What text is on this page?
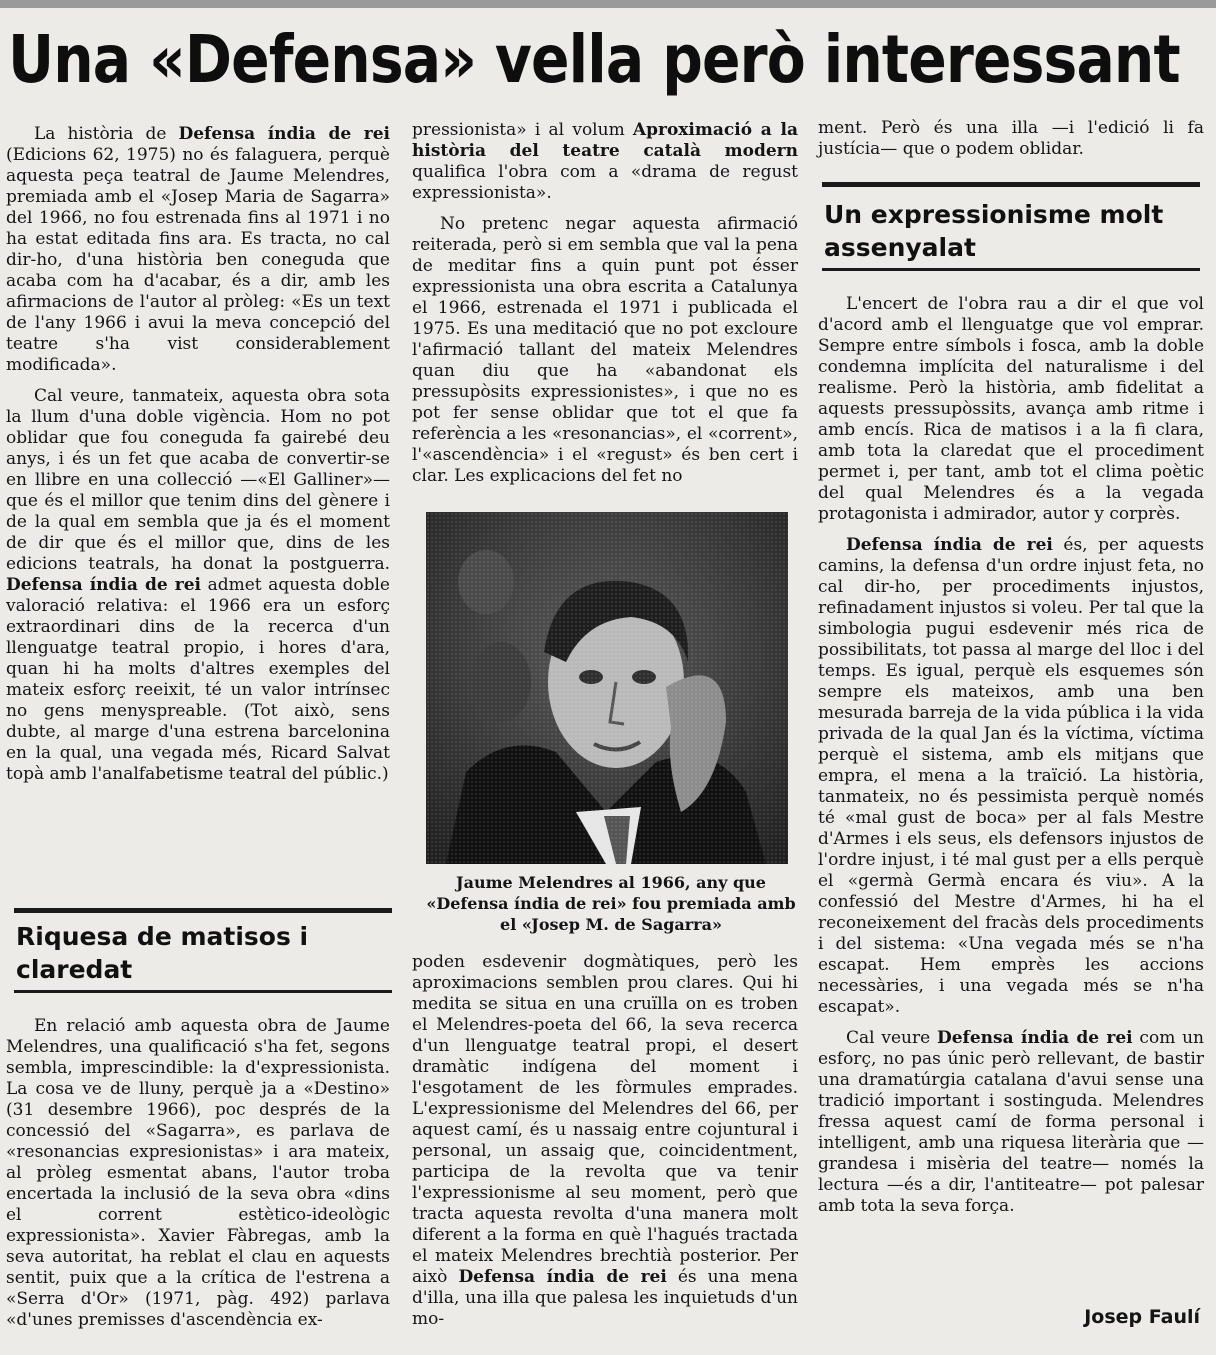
Una «Defensa» vella però interessant

La història de Defensa índia de rei (Edicions 62, 1975) no és falaguera, perquè aquesta peça teatral de Jaume Melendres, premiada amb el «Josep Maria de Sagarra» del 1966, no fou estrenada fins al 1971 i no ha estat editada fins ara. Es tracta, no cal dir-ho, d'una història ben coneguda que acaba com ha d'acabar, és a dir, amb les afirmacions de l'autor al pròleg: «Es un text de l'any 1966 i avui la meva concepció del teatre s'ha vist considerablement modificada».

Cal veure, tanmateix, aquesta obra sota la llum d'una doble vigència. Hom no pot oblidar que fou coneguda fa gairebé deu anys, i és un fet que acaba de convertir-se en llibre en una collecció —«El Galliner»— que és el millor que tenim dins del gènere i de la qual em sembla que ja és el moment de dir que és el millor que, dins de les edicions teatrals, ha donat la postguerra. Defensa índia de rei admet aquesta doble valoració relativa: el 1966 era un esforç extraordinari dins de la recerca d'un llenguatge teatral propio, i hores d'ara, quan hi ha molts d'altres exemples del mateix esforç reeixit, té un valor intrínsec no gens menyspreable. (Tot això, sens dubte, al marge d'una estrena barcelonina en la qual, una vegada més, Ricard Salvat topà amb l'analfabetisme teatral del públic.)

Riquesa de matisos i claredat

En relació amb aquesta obra de Jaume Melendres, una qualificació s'ha fet, segons sembla, imprescindible: la d'expressionista. La cosa ve de lluny, perquè ja a «Destino» (31 desembre 1966), poc després de la concessió del «Sagarra», es parlava de «resonancias expresionistas» i ara mateix, al pròleg esmentat abans, l'autor troba encertada la inclusió de la seva obra «dins el corrent estètico-ideològic expressionista». Xavier Fàbregas, amb la seva autoritat, ha reblat el clau en aquests sentit, puix que a la crítica de l'estrena a «Serra d'Or» (1971, pàg. 492) parlava «d'unes premisses d'ascendència ex-

pressionista» i al volum Aproximació a la història del teatre català modern qualifica l'obra com a «drama de regust expressionista».

No pretenc negar aquesta afirmació reiterada, però si em sembla que val la pena de meditar fins a quin punt pot ésser expressionista una obra escrita a Catalunya el 1966, estrenada el 1971 i publicada el 1975. Es una meditació que no pot excloure l'afirmació tallant del mateix Melendres quan diu que ha «abandonat els pressupòsits expressionistes», i que no es pot fer sense oblidar que tot el que fa referència a les «resonancias», el «corrent», l'«ascendència» i el «regust» és ben cert i clar. Les explicacions del fet no

Jaume Melendres al 1966, any que «Defensa índia de rei» fou premiada amb el «Josep M. de Sagarra»

poden esdevenir dogmàtiques, però les aproximacions semblen prou clares. Qui hi medita se situa en una cruïlla on es troben el Melendres-poeta del 66, la seva recerca d'un llenguatge teatral propi, el desert dramàtic indígena del moment i l'esgotament de les fòrmules emprades. L'expressionisme del Melendres del 66, per aquest camí, és u nassaig entre cojuntural i personal, un assaig que, coincidentment, participa de la revolta que va tenir l'expressionisme al seu moment, però que tracta aquesta revolta d'una manera molt diferent a la forma en què l'hagués tractada el mateix Melendres brechtià posterior. Per això Defensa índia de rei és una mena d'illa, una illa que palesa les inquietuds d'un mo-

ment. Però és una illa —i l'edició li fa justícia— que o podem oblidar.

Un expressionisme molt assenyalat

L'encert de l'obra rau a dir el que vol d'acord amb el llenguatge que vol emprar. Sempre entre símbols i fosca, amb la doble condemna implícita del naturalisme i del realisme. Però la història, amb fidelitat a aquests pressupòssits, avança amb ritme i amb encís. Rica de matisos i a la fi clara, amb tota la claredat que el procediment permet i, per tant, amb tot el clima poètic del qual Melendres és a la vegada protagonista i admirador, autor y corprès.

Defensa índia de rei és, per aquests camins, la defensa d'un ordre injust feta, no cal dir-ho, per procediments injustos, refinadament injustos si voleu. Per tal que la simbologia pugui esdevenir més rica de possibilitats, tot passa al marge del lloc i del temps. Es igual, perquè els esquemes són sempre els mateixos, amb una ben mesurada barreja de la vida pública i la vida privada de la qual Jan és la víctima, víctima perquè el sistema, amb els mitjans que empra, el mena a la traïció. La història, tanmateix, no és pessimista perquè només té «mal gust de boca» per al fals Mestre d'Armes i els seus, els defensors injustos de l'ordre injust, i té mal gust per a ells perquè el «germà Germà encara és viu». A la confessió del Mestre d'Armes, hi ha el reconeixement del fracàs dels procediments i del sistema: «Una vegada més se n'ha escapat. Hem emprès les accions necessàries, i una vegada més se n'ha escapat».

Cal veure Defensa índia de rei com un esforç, no pas únic però rellevant, de bastir una dramatúrgia catalana d'avui sense una tradició important i sostinguda. Melendres fressa aquest camí de forma personal i intelligent, amb una riquesa literària que —grandesa i misèria del teatre— només la lectura —és a dir, l'antiteatre— pot palesar amb tota la seva força.

Josep Faulí
